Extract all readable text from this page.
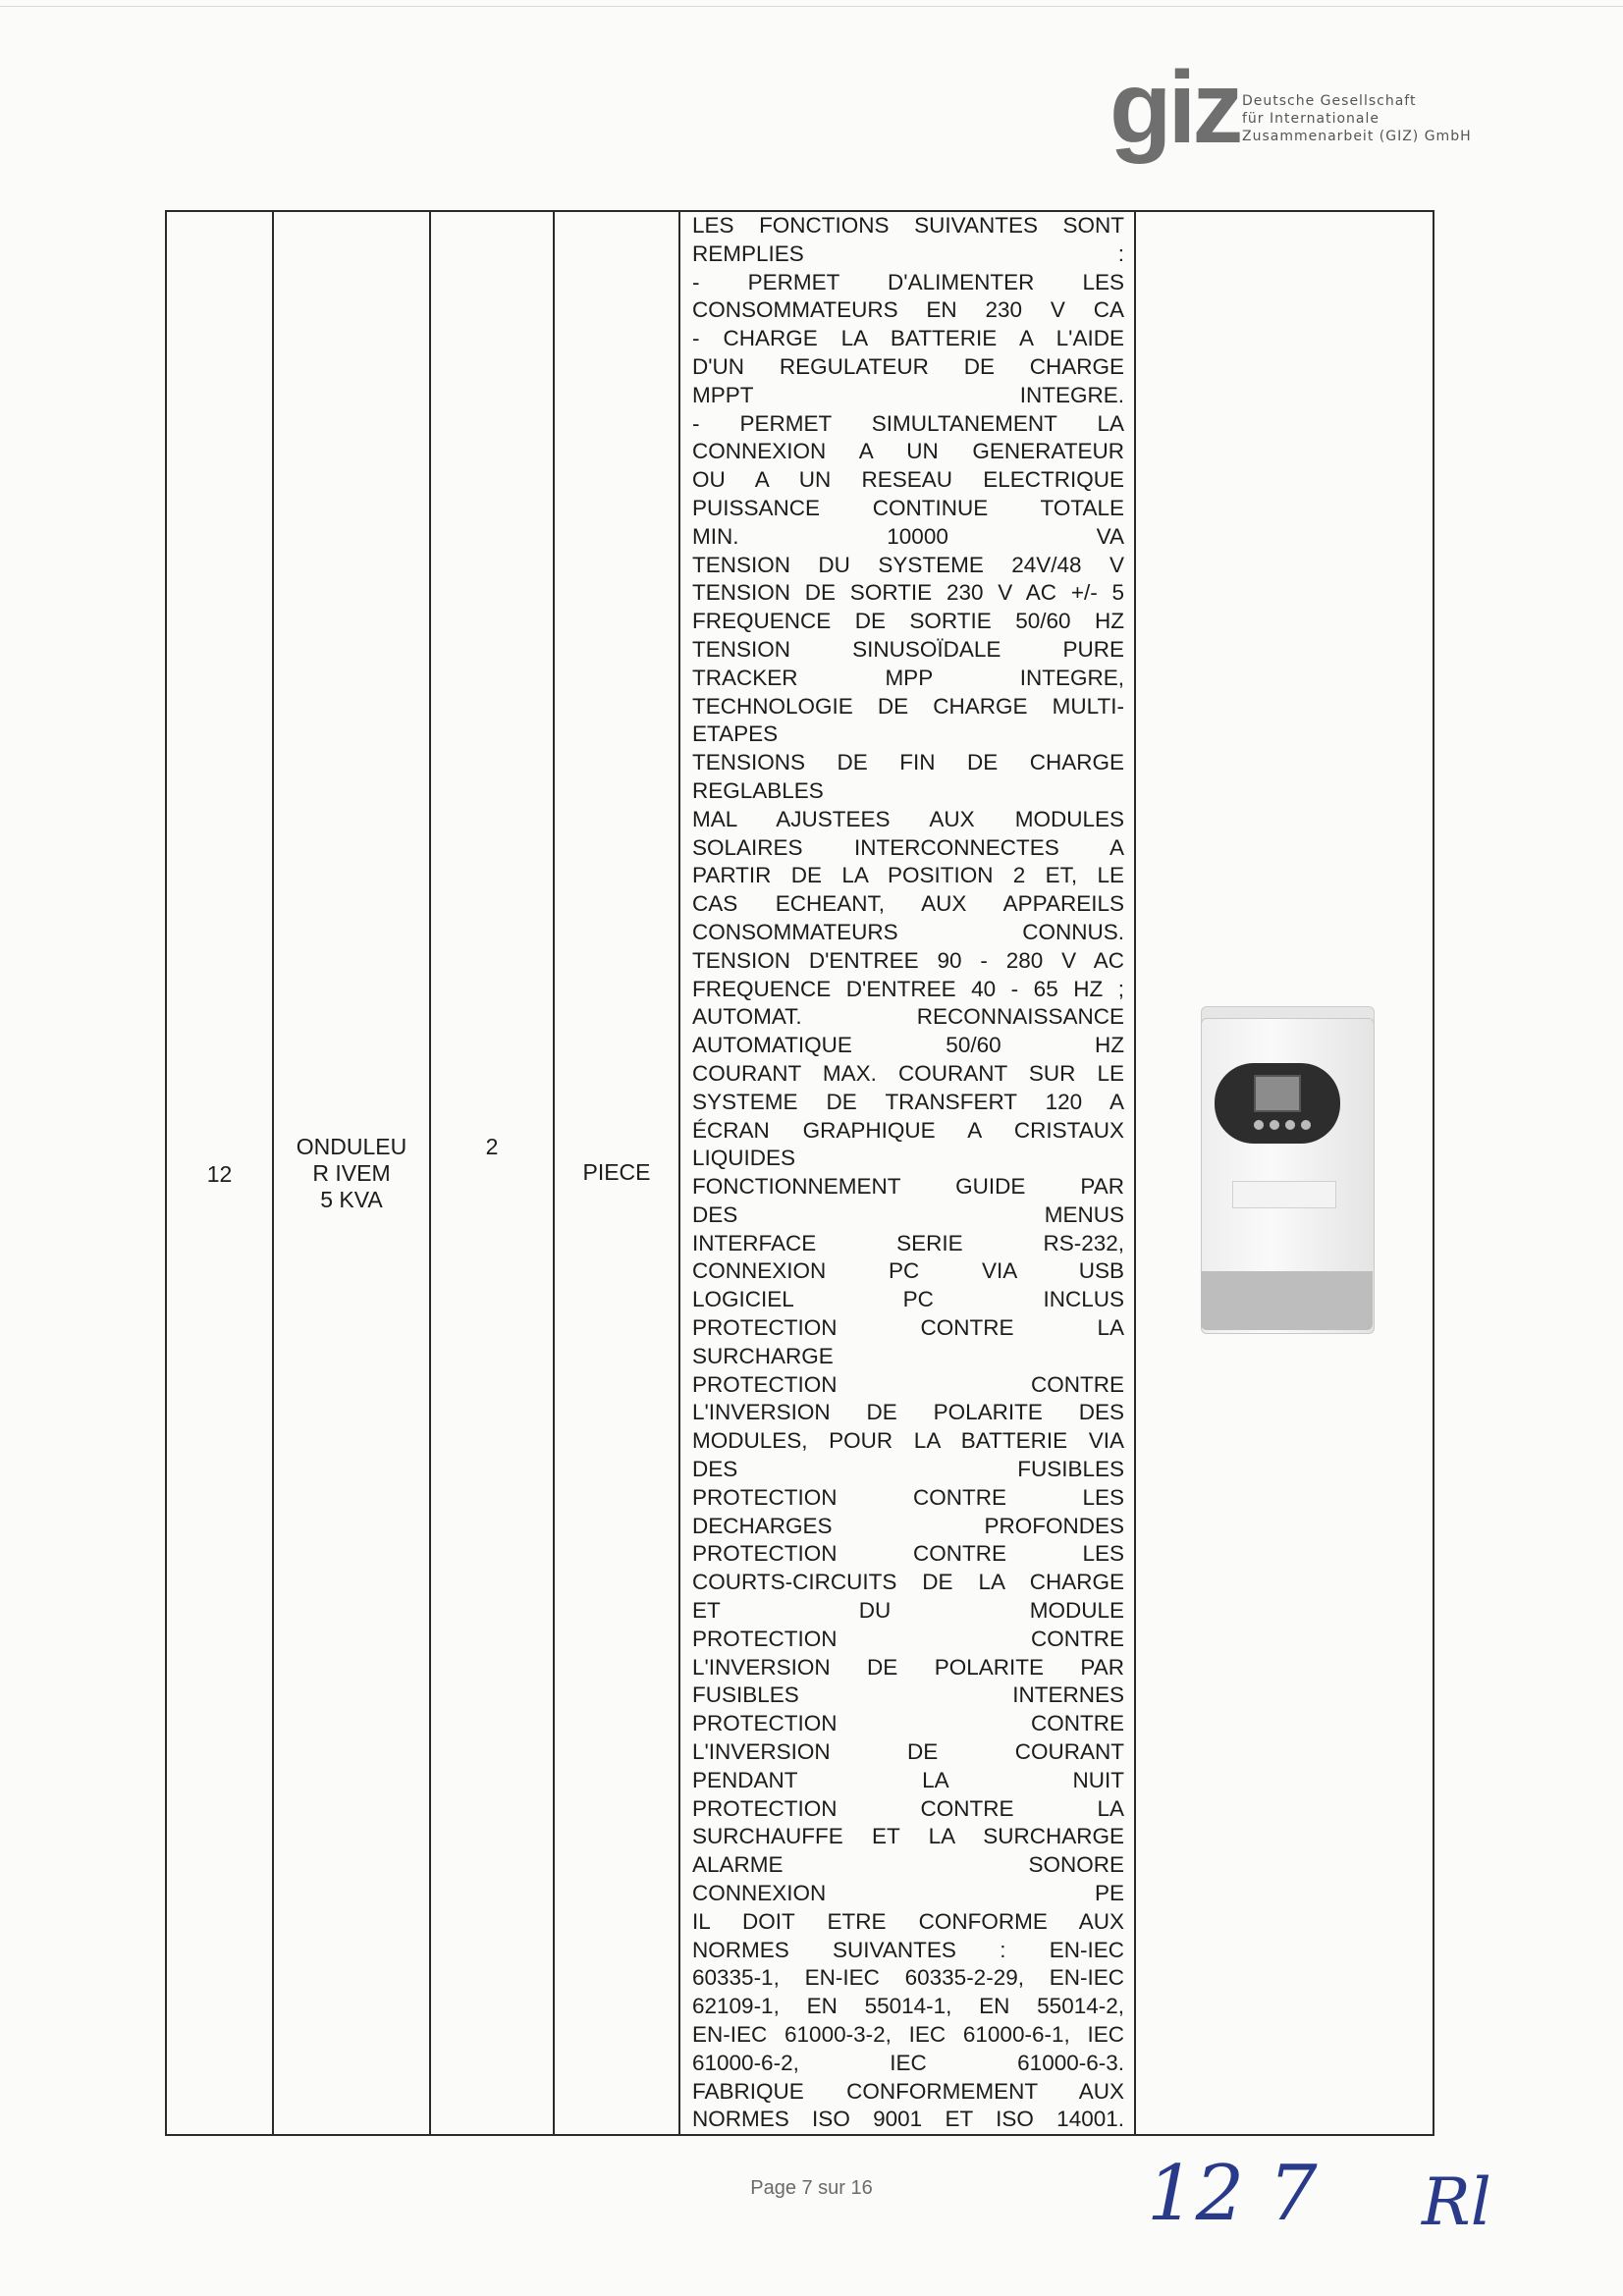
giz Deutsche Gesellschaft
für Internationale
Zusammenarbeit (GIZ) GmbH
12

ONDULEU
R IVEM
5 KVA

2

PIECE

LES FONCTIONS SUIVANTES SONT
REMPLIES :
- PERMET D'ALIMENTER LES
CONSOMMATEURS EN 230 V CA
- CHARGE LA BATTERIE A L'AIDE
D'UN REGULATEUR DE CHARGE
MPPT INTEGRE.
- PERMET SIMULTANEMENT LA
CONNEXION A UN GENERATEUR
OU A UN RESEAU ELECTRIQUE
PUISSANCE CONTINUE TOTALE
MIN. 10000 VA
TENSION DU SYSTEME 24V/48 V
TENSION DE SORTIE 230 V AC +/- 5
FREQUENCE DE SORTIE 50/60 HZ
TENSION SINUSOÏDALE PURE
TRACKER MPP INTEGRE,
TECHNOLOGIE DE CHARGE MULTI-
ETAPES
TENSIONS DE FIN DE CHARGE
REGLABLES
MAL AJUSTEES AUX MODULES
SOLAIRES INTERCONNECTES A
PARTIR DE LA POSITION 2 ET, LE
CAS ECHEANT, AUX APPAREILS
CONSOMMATEURS CONNUS.
TENSION D'ENTREE 90 - 280 V AC
FREQUENCE D'ENTREE 40 - 65 HZ ;
AUTOMAT. RECONNAISSANCE
AUTOMATIQUE 50/60 HZ
COURANT MAX. COURANT SUR LE
SYSTEME DE TRANSFERT 120 A
ÉCRAN GRAPHIQUE A CRISTAUX
LIQUIDES
FONCTIONNEMENT GUIDE PAR
DES MENUS
INTERFACE SERIE RS-232,
CONNEXION PC VIA USB
LOGICIEL PC INCLUS
PROTECTION CONTRE LA
SURCHARGE
PROTECTION CONTRE
L'INVERSION DE POLARITE DES
MODULES, POUR LA BATTERIE VIA
DES FUSIBLES
PROTECTION CONTRE LES
DECHARGES PROFONDES
PROTECTION CONTRE LES
COURTS-CIRCUITS DE LA CHARGE
ET DU MODULE
PROTECTION CONTRE
L'INVERSION DE POLARITE PAR
FUSIBLES INTERNES
PROTECTION CONTRE
L'INVERSION DE COURANT
PENDANT LA NUIT
PROTECTION CONTRE LA
SURCHAUFFE ET LA SURCHARGE
ALARME SONORE
CONNEXION PE
IL DOIT ETRE CONFORME AUX
NORMES SUIVANTES : EN-IEC
60335-1, EN-IEC 60335-2-29, EN-IEC
62109-1, EN 55014-1, EN 55014-2,
EN-IEC 61000-3-2, IEC 61000-6-1, IEC
61000-6-2, IEC 61000-6-3.
FABRIQUE CONFORMEMENT AUX
NORMES ISO 9001 ET ISO 14001.

Page 7 sur 16	12 7 Rl
